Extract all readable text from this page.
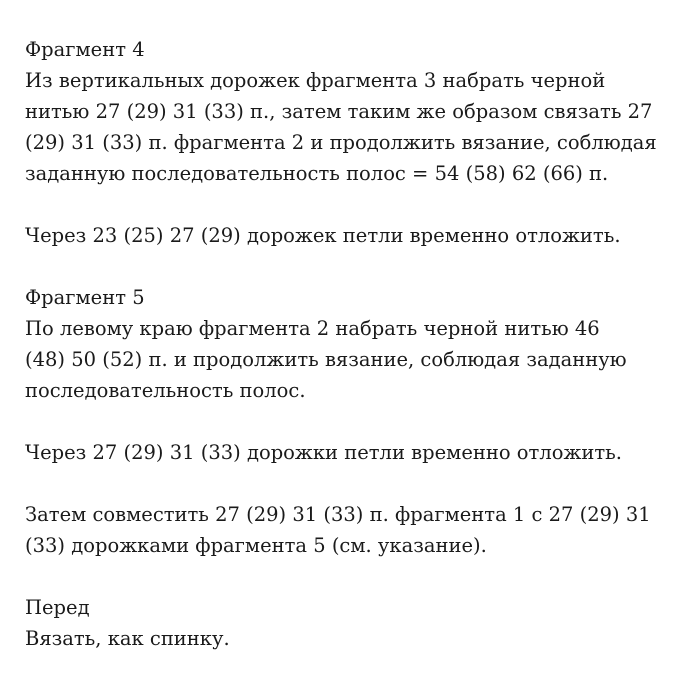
Фрагмент 4
Из вертикальных дорожек фрагмента 3 набрать черной
нитью 27 (29) 31 (33) п., затем таким же образом связать 27
(29) 31 (33) п. фрагмента 2 и продолжить вязание, соблюдая
заданную последовательность полос = 54 (58) 62 (66) п.
Через 23 (25) 27 (29) дорожек петли временно отложить.
Фрагмент 5
По левому краю фрагмента 2 набрать черной нитью 46
(48) 50 (52) п. и продолжить вязание, соблюдая заданную
последовательность полос.
Через 27 (29) 31 (33) дорожки петли временно отложить.
Затем совместить 27 (29) 31 (33) п. фрагмента 1 с 27 (29) 31
(33) дорожками фрагмента 5 (см. указание).
Перед
Вязать, как спинку.
